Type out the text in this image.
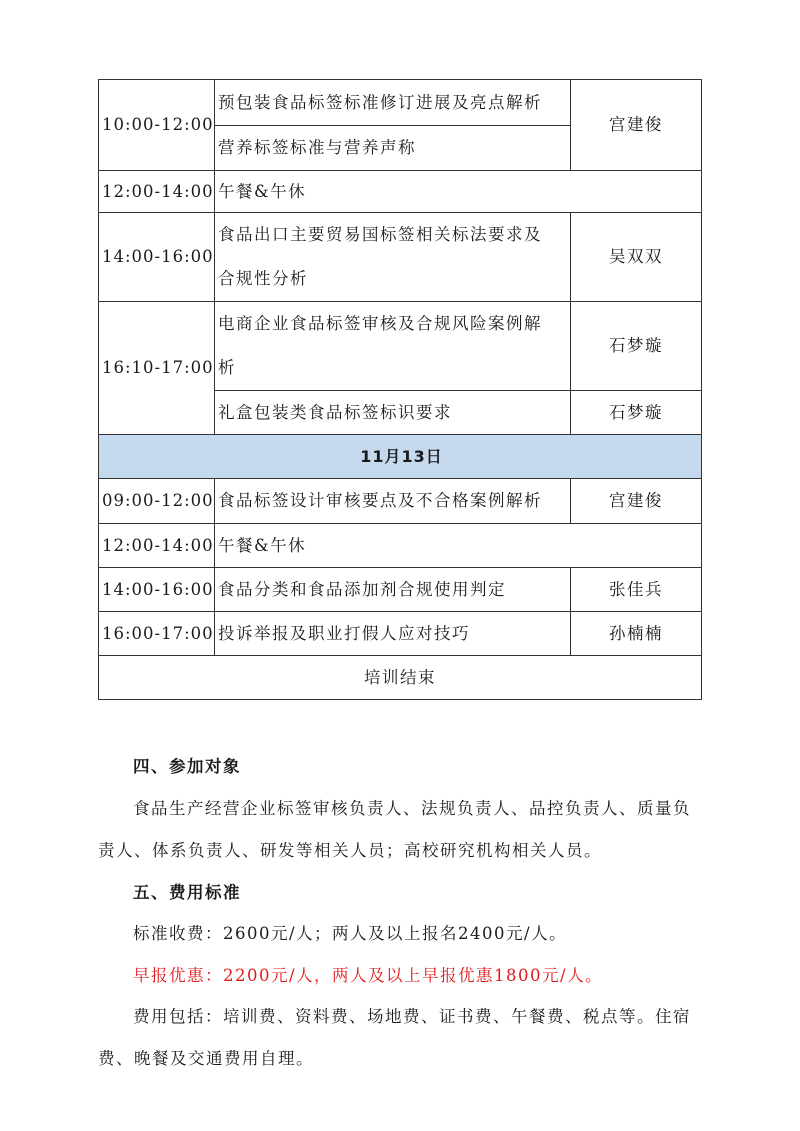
10:00-12:00	预包装食品标签标准修订进展及亮点解析	宫建俊
	营养标签标准与营养声称	
12:00-14:00	午餐&午休	
14:00-16:00	食品出口主要贸易国标签相关标法要求及
合规性分析	吴双双
16:10-17:00	电商企业食品标签审核及合规风险案例解
析	石梦璇
	礼盒包装类食品标签标识要求	石梦璇
11月13日		
09:00-12:00	食品标签设计审核要点及不合格案例解析	宫建俊
12:00-14:00	午餐&午休	
14:00-16:00	食品分类和食品添加剂合规使用判定	张佳兵
16:00-17:00	投诉举报及职业打假人应对技巧	孙楠楠
培训结束		
四、参加对象
食品生产经营企业标签审核负责人、法规负责人、品控负责人、质量负
责人、体系负责人、研发等相关人员；高校研究机构相关人员。
五、费用标准
标准收费：2600元/人；两人及以上报名2400元/人。
早报优惠：2200元/人，两人及以上早报优惠1800元/人。
费用包括：培训费、资料费、场地费、证书费、午餐费、税点等。住宿
费、晚餐及交通费用自理。
